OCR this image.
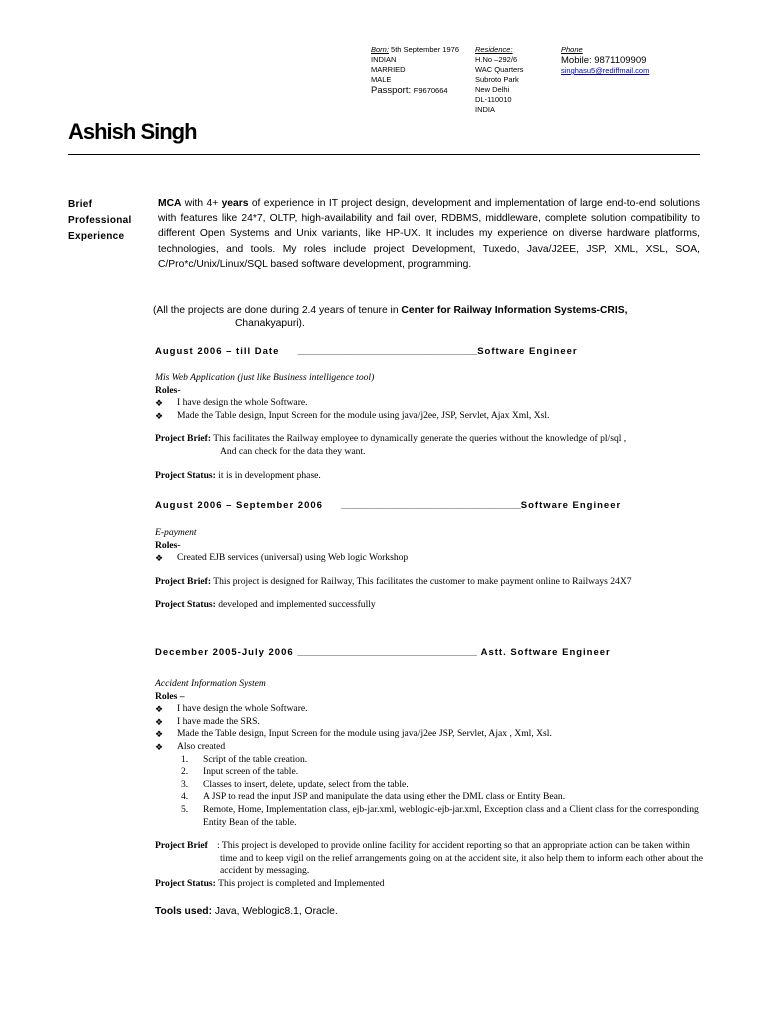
Born: 5th September 1976
INDIAN
MARRIED
MALE
Passport: F9670664
Residence:
H.No –292/6
WAC Quarters
Subroto Park
New Delhi
DL-110010
INDIA
Phone
Mobile: 9871109909
singhasu5@rediffmail.com
Ashish Singh
Brief
Professional
Experience
MCA with 4+ years of experience in IT project design, development and implementation of large end-to-end solutions with features like 24*7, OLTP, high-availability and fail over, RDBMS, middleware, complete solution compatibility to different Open Systems and Unix variants, like HP-UX. It includes my experience on diverse hardware platforms, technologies, and tools. My roles include project Development, Tuxedo, Java/J2EE, JSP, XML, XSL, SOA, C/Pro*c/Unix/Linux/SQL based software development, programming.
(All the projects are done during 2.4 years of tenure in Center for Railway Information Systems-CRIS,
Chanakyapuri).
August 2006 – till Date __________________________________Software Engineer
Mis Web Application (just like Business intelligence tool)
Roles-
❖ I have design the whole Software.
❖ Made the Table design, Input Screen for the module using java/j2ee, JSP, Servlet, Ajax Xml, Xsl.
Project Brief: This facilitates the Railway employee to dynamically generate the queries without the knowledge of pl/sql ,
And can check for the data they want.
Project Status: it is in development phase.
August 2006 – September 2006 __________________________________Software Engineer
E-payment
Roles-
❖ Created EJB services (universal) using Web logic Workshop
Project Brief: This project is designed for Railway, This facilitates the customer to make payment online to Railways 24X7
Project Status: developed and implemented successfully
December 2005-July 2006 __________________________________ Astt. Software Engineer
Accident Information System
Roles –
❖ I have design the whole Software.
❖ I have made the SRS.
❖ Made the Table design, Input Screen for the module using java/j2ee JSP, Servlet, Ajax , Xml, Xsl.
❖ Also created
1. Script of the table creation.
2. Input screen of the table.
3. Classes to insert, delete, update, select from the table.
4. A JSP to read the input JSP and manipulate the data using ether the DML class or Entity Bean.
5. Remote, Home, Implementation class, ejb-jar.xml, weblogic-ejb-jar.xml, Exception class and a Client class for the corresponding Entity Bean of the table.
Project Brief : This project is developed to provide online facility for accident reporting so that an appropriate action can be taken within time and to keep vigil on the relief arrangements going on at the accident site, it also help them to inform each other about the accident by messaging.
Project Status: This project is completed and Implemented
Tools used: Java, Weblogic8.1, Oracle.
